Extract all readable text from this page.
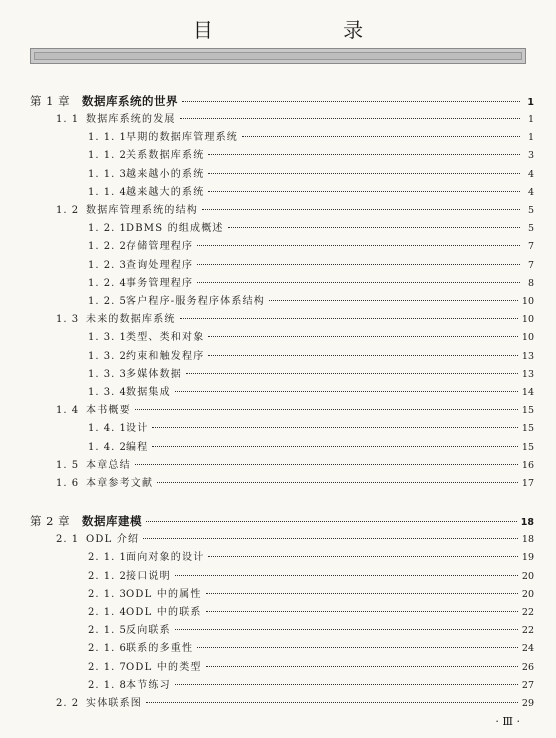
目 录
第 1 章	数据库系统的世界	1
1. 1 数据库系统的发展	1
1. 1. 1 早期的数据库管理系统	1
1. 1. 2 关系数据库系统	3
1. 1. 3 越来越小的系统	4
1. 1. 4 越来越大的系统	4
1. 2 数据库管理系统的结构	5
1. 2. 1 DBMS 的组成概述	5
1. 2. 2 存储管理程序	7
1. 2. 3 查询处理程序	7
1. 2. 4 事务管理程序	8
1. 2. 5 客户程序-服务程序体系结构	10
1. 3 未来的数据库系统	10
1. 3. 1 类型、类和对象	10
1. 3. 2 约束和触发程序	13
1. 3. 3 多媒体数据	13
1. 3. 4 数据集成	14
1. 4 本书概要	15
1. 4. 1 设计	15
1. 4. 2 编程	15
1. 5 本章总结	16
1. 6 本章参考文献	17
第 2 章	数据库建模	18
2. 1 ODL 介绍	18
2. 1. 1 面向对象的设计	19
2. 1. 2 接口说明	20
2. 1. 3 ODL 中的属性	20
2. 1. 4 ODL 中的联系	22
2. 1. 5 反向联系	22
2. 1. 6 联系的多重性	24
2. 1. 7 ODL 中的类型	26
2. 1. 8 本节练习	27
2. 2 实体联系图	29
· Ⅲ ·
